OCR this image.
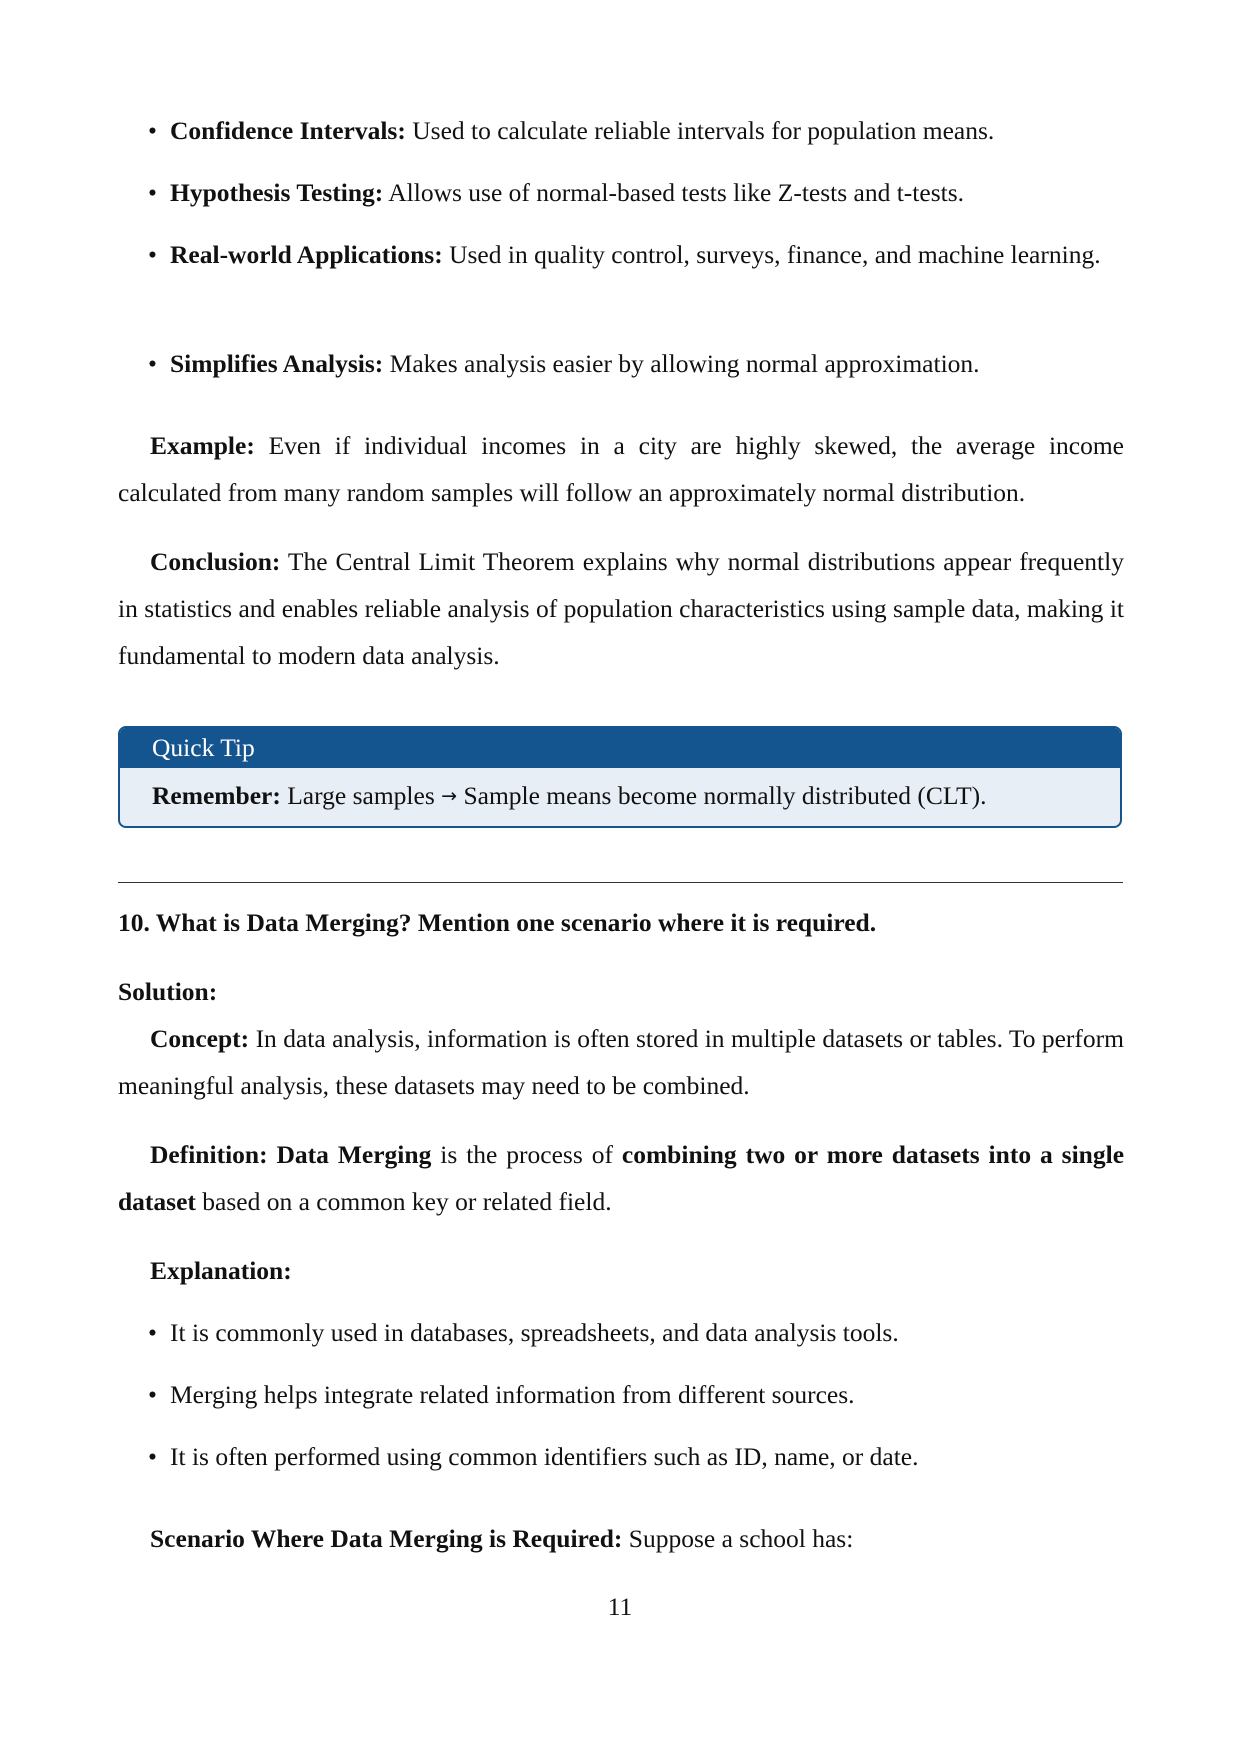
• Confidence Intervals: Used to calculate reliable intervals for population means.
• Hypothesis Testing: Allows use of normal-based tests like Z-tests and t-tests.
• Real-world Applications: Used in quality control, surveys, finance, and machine learning.
• Simplifies Analysis: Makes analysis easier by allowing normal approximation.
Example: Even if individual incomes in a city are highly skewed, the average income calculated from many random samples will follow an approximately normal distribution.
Conclusion: The Central Limit Theorem explains why normal distributions appear frequently in statistics and enables reliable analysis of population characteristics using sample data, making it fundamental to modern data analysis.
Quick Tip
Remember: Large samples → Sample means become normally distributed (CLT).
10. What is Data Merging? Mention one scenario where it is required.
Solution:
Concept: In data analysis, information is often stored in multiple datasets or tables. To perform meaningful analysis, these datasets may need to be combined.
Definition: Data Merging is the process of combining two or more datasets into a single dataset based on a common key or related field.
Explanation:
• It is commonly used in databases, spreadsheets, and data analysis tools.
• Merging helps integrate related information from different sources.
• It is often performed using common identifiers such as ID, name, or date.
Scenario Where Data Merging is Required: Suppose a school has:
11
